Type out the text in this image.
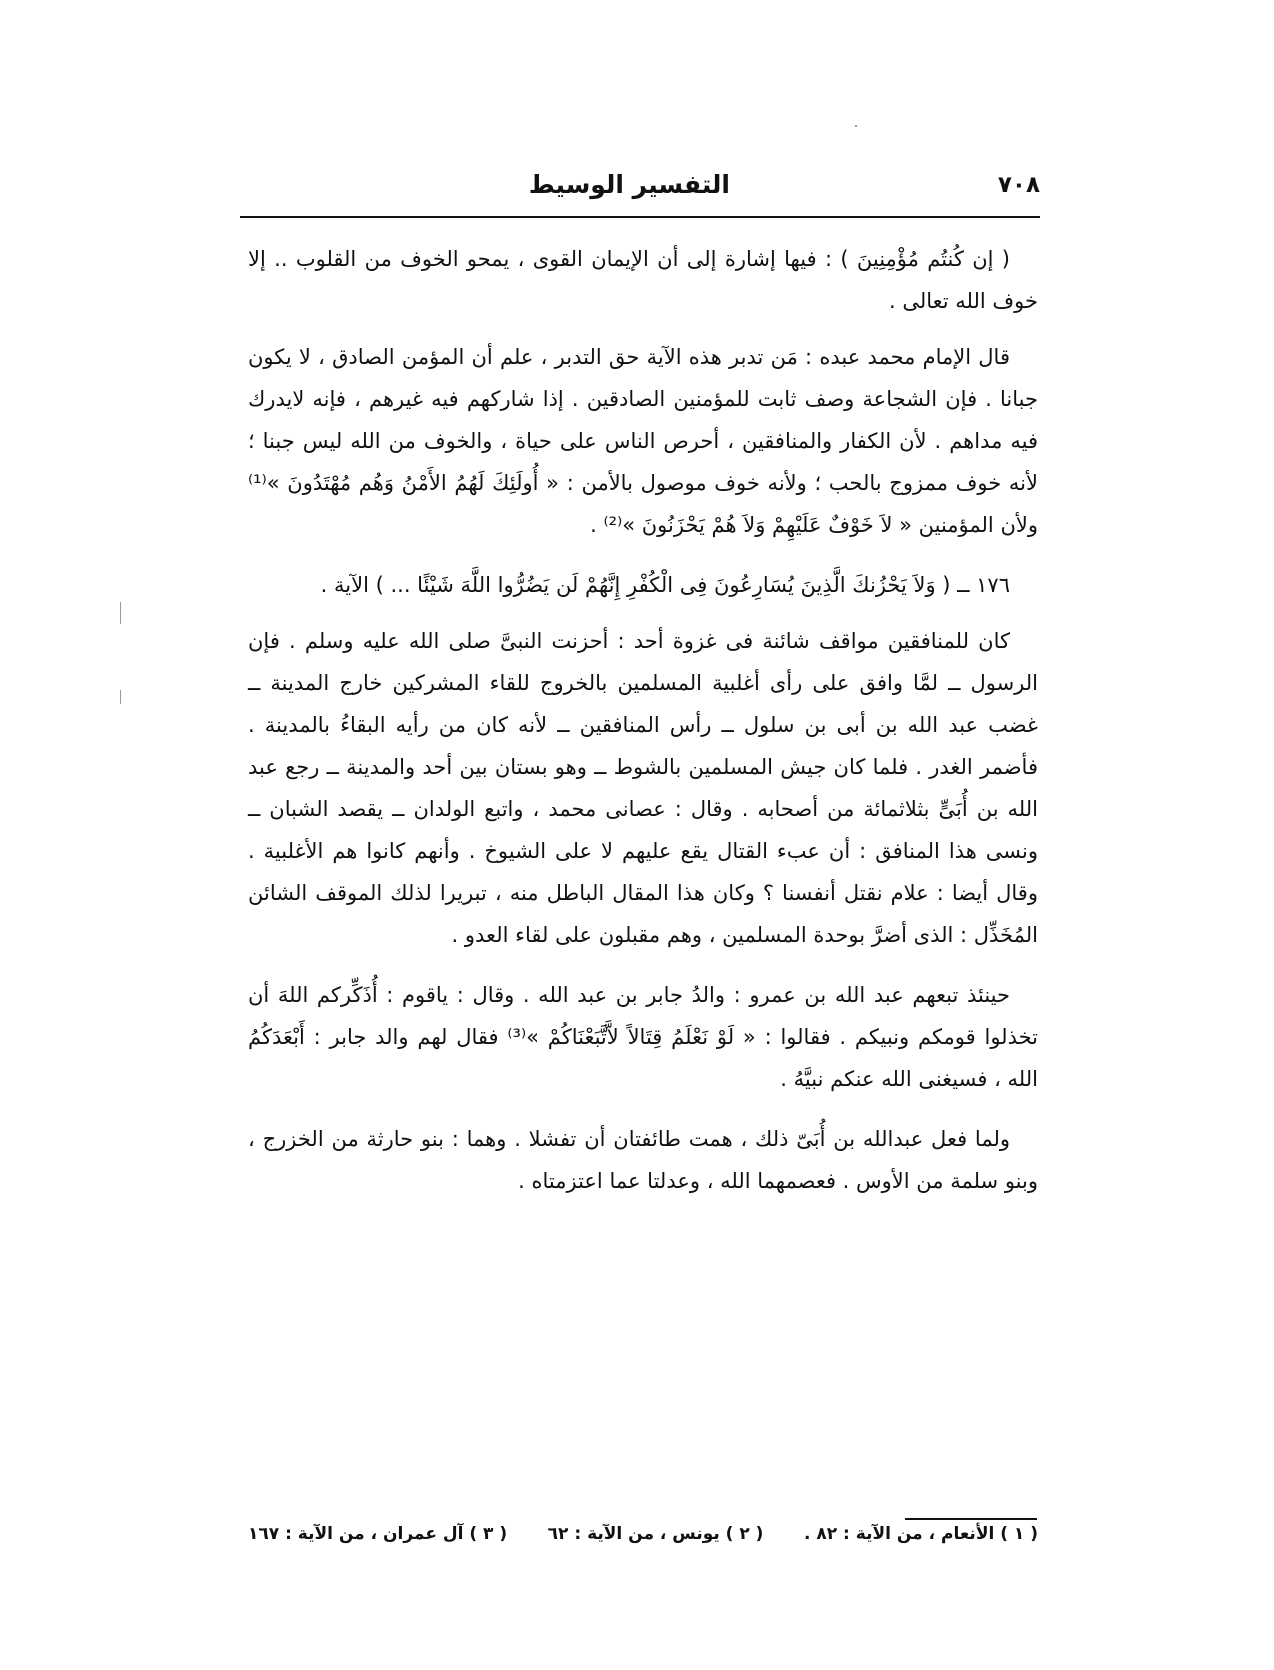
٧٠٨
التفسير الوسيط

( إن كُنتُم مُؤْمِنِينَ ) : فيها إشارة إلى أن الإيمان القوى ، يمحو الخوف من القلوب .. إلا خوف الله تعالى .

قال الإمام محمد عبده : مَن تدبر هذه الآية حق التدبر ، علم أن المؤمن الصادق ، لا يكون جبانا . فإن الشجاعة وصف ثابت للمؤمنين الصادقين . إذا شاركهم فيه غيرهم ، فإنه لايدرك فيه مداهم . لأن الكفار والمنافقين ، أحرص الناس على حياة ، والخوف من الله ليس جبنا ؛ لأنه خوف ممزوج بالحب ؛ ولأنه خوف موصول بالأمن : « أُولَئِكَ لَهُمُ الأَمْنُ وَهُم مُهْتَدُونَ »⁽¹⁾ ولأن المؤمنين « لاَ خَوْفٌ عَلَيْهِمْ وَلاَ هُمْ يَحْزَنُونَ »⁽²⁾ .

١٧٦ ــ ( وَلاَ يَحْزُنكَ الَّذِينَ يُسَارِعُونَ فِى الْكُفْرِ إِنَّهُمْ لَن يَضُرُّوا اللَّهَ شَيْئًا ... ) الآية .

كان للمنافقين مواقف شائنة فى غزوة أحد : أحزنت النبىَّ صلى الله عليه وسلم . فإن الرسول ــ لمَّا وافق على رأى أغلبية المسلمين بالخروج للقاء المشركين خارج المدينة ــ غضب عبد الله بن أبى بن سلول ــ رأس المنافقين ــ لأنه كان من رأيه البقاءُ بالمدينة . فأضمر الغدر . فلما كان جيش المسلمين بالشوط ــ وهو بستان بين أحد والمدينة ــ رجع عبد الله بن أُبَىٍّ بثلاثمائة من أصحابه . وقال : عصانى محمد ، واتبع الولدان ــ يقصد الشبان ــ ونسى هذا المنافق : أن عبء القتال يقع عليهم لا على الشيوخ . وأنهم كانوا هم الأغلبية . وقال أيضا : علام نقتل أنفسنا ؟ وكان هذا المقال الباطل منه ، تبريرا لذلك الموقف الشائن المُخَذِّل : الذى أضرَّ بوحدة المسلمين ، وهم مقبلون على لقاء العدو .

حينئذ تبعهم عبد الله بن عمرو : والدُ جابر بن عبد الله . وقال : ياقوم : أُذَكِّركم اللهَ أن تخذلوا قومكم ونبيكم . فقالوا : « لَوْ نَعْلَمُ قِتَالاً لاَّتَّبَعْنَاكُمْ »⁽³⁾ فقال لهم والد جابر : أَبْعَدَكُمُ الله ، فسيغنى الله عنكم نبيَّهُ .

ولما فعل عبدالله بن أُبَىّ ذلك ، همت طائفتان أن تفشلا . وهما : بنو حارثة من الخزرج ، وبنو سلمة من الأوس . فعصمهما الله ، وعدلتا عما اعتزمتاه .

( ١ ) الأنعام ، من الآية : ٨٢ .
( ٢ ) يونس ، من الآية : ٦٢
( ٣ ) آل عمران ، من الآية : ١٦٧
